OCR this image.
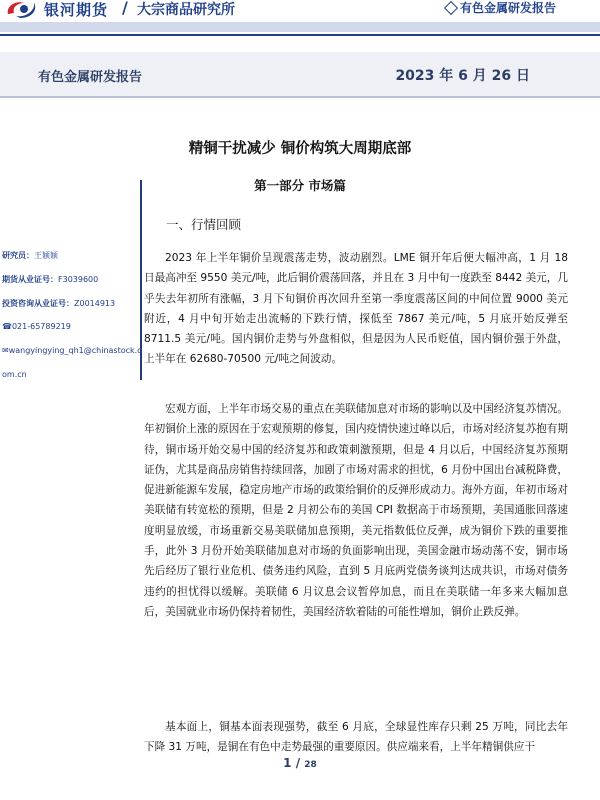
银河期货 / 大宗商品研究所	有色金属研发报告
有色金属研发报告	2023 年 6 月 26 日
精铜干扰减少 铜价构筑大周期底部
第一部分 市场篇
一、行情回顾
研究员：王颖颖
期货从业证号：F3039600
投资咨询从业证号：Z0014913
☎021-65789219
✉wangyingying_qh1@chinastock.c
om.cn
2023 年上半年铜价呈现震荡走势，波动剧烈。LME 铜开年后便大幅冲高，1 月 18 日最高冲至 9550 美元/吨，此后铜价震荡回落，并且在 3 月中旬一度跌至 8442 美元，几乎失去年初所有涨幅，3 月下旬铜价再次回升至第一季度震荡区间的中间位置 9000 美元附近，4 月中旬开始走出流畅的下跌行情，探低至 7867 美元/吨，5 月底开始反弹至 8711.5 美元/吨。国内铜价走势与外盘相似，但是因为人民币贬值，国内铜价强于外盘，上半年在 62680-70500 元/吨之间波动。
宏观方面，上半年市场交易的重点在美联储加息对市场的影响以及中国经济复苏情况。年初铜价上涨的原因在于宏观预期的修复，国内疫情快速过峰以后，市场对经济复苏抱有期待，铜市场开始交易中国的经济复苏和政策刺激预期，但是 4 月以后，中国经济复苏预期证伪，尤其是商品房销售持续回落，加剧了市场对需求的担忧，6 月份中国出台减税降费，促进新能源车发展，稳定房地产市场的政策给铜价的反弹形成动力。海外方面，年初市场对美联储有转宽松的预期，但是 2 月初公布的美国 CPI 数据高于市场预期，美国通胀回落速度明显放缓，市场重新交易美联储加息预期，美元指数低位反弹，成为铜价下跌的重要推手，此外 3 月份开始美联储加息对市场的负面影响出现，美国金融市场动荡不安，铜市场先后经历了银行业危机、债务违约风险，直到 5 月底两党债务谈判达成共识，市场对债务违约的担忧得以缓解。美联储 6 月议息会议暂停加息，而且在美联储一年多来大幅加息后，美国就业市场仍保持着韧性，美国经济软着陆的可能性增加，铜价止跌反弹。
基本面上，铜基本面表现强势，截至 6 月底，全球显性库存只剩 25 万吨，同比去年下降 31 万吨，是铜在有色中走势最强的重要原因。供应端来看，上半年精铜供应干
1 / 28
